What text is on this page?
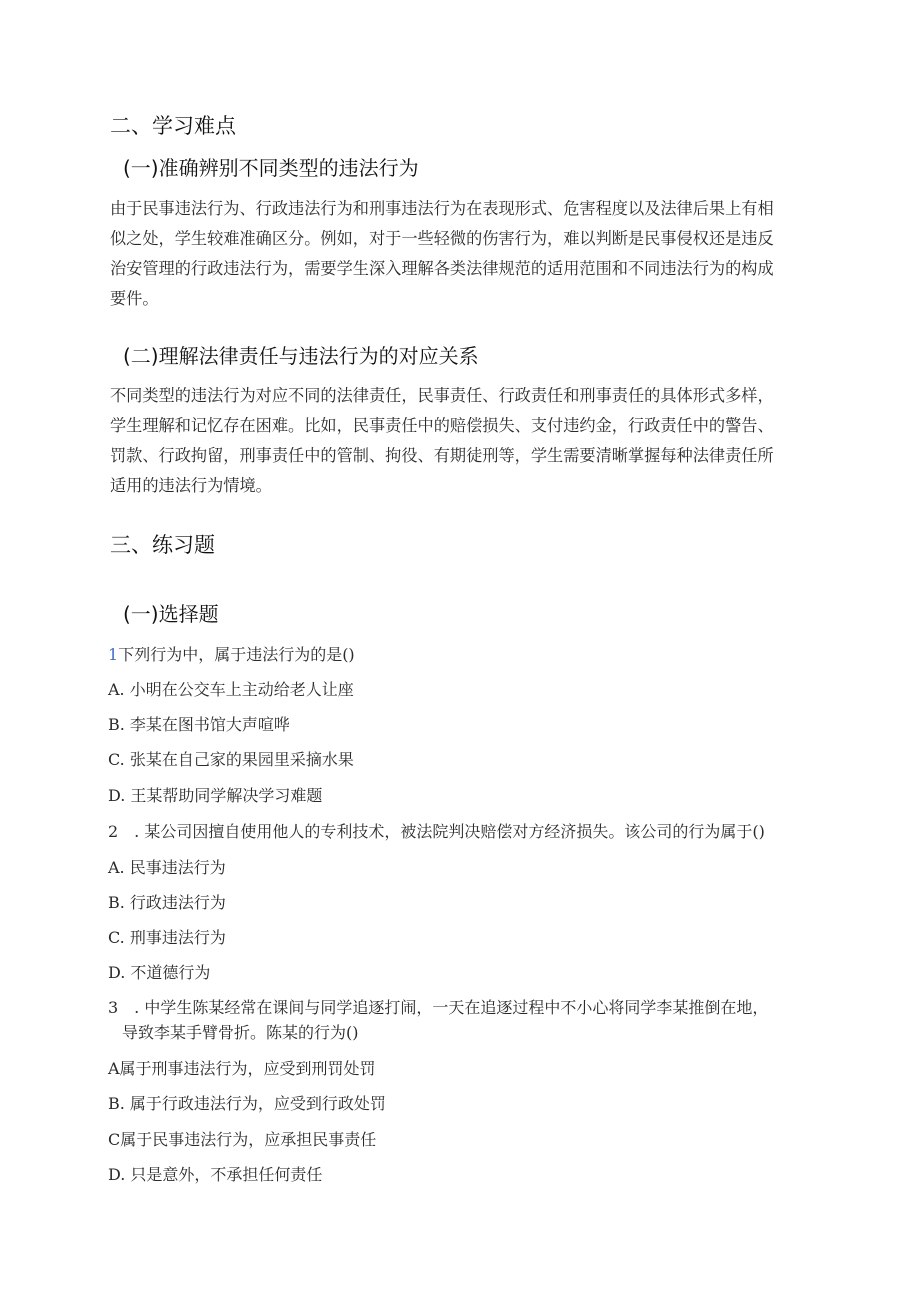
二、学习难点
(一)准确辨别不同类型的违法行为
由于民事违法行为、行政违法行为和刑事违法行为在表现形式、危害程度以及法律后果上有相
似之处，学生较难准确区分。例如，对于一些轻微的伤害行为，难以判断是民事侵权还是违反
治安管理的行政违法行为，需要学生深入理解各类法律规范的适用范围和不同违法行为的构成
要件。
(二)理解法律责任与违法行为的对应关系
不同类型的违法行为对应不同的法律责任，民事责任、行政责任和刑事责任的具体形式多样，
学生理解和记忆存在困难。比如，民事责任中的赔偿损失、支付违约金，行政责任中的警告、
罚款、行政拘留，刑事责任中的管制、拘役、有期徒刑等，学生需要清晰掌握每种法律责任所
适用的违法行为情境。
三、练习题
(一)选择题
1下列行为中，属于违法行为的是()
A. 小明在公交车上主动给老人让座
B. 李某在图书馆大声喧哗
C. 张某在自己家的果园里采摘水果
D. 王某帮助同学解决学习难题
2　. 某公司因擅自使用他人的专利技术，被法院判决赔偿对方经济损失。该公司的行为属于()
A. 民事违法行为
B. 行政违法行为
C. 刑事违法行为
D. 不道德行为
3　. 中学生陈某经常在课间与同学追逐打闹，一天在追逐过程中不小心将同学李某推倒在地，
导致李某手臂骨折。陈某的行为()
A属于刑事违法行为，应受到刑罚处罚
B. 属于行政违法行为，应受到行政处罚
C属于民事违法行为，应承担民事责任
D. 只是意外，不承担任何责任
